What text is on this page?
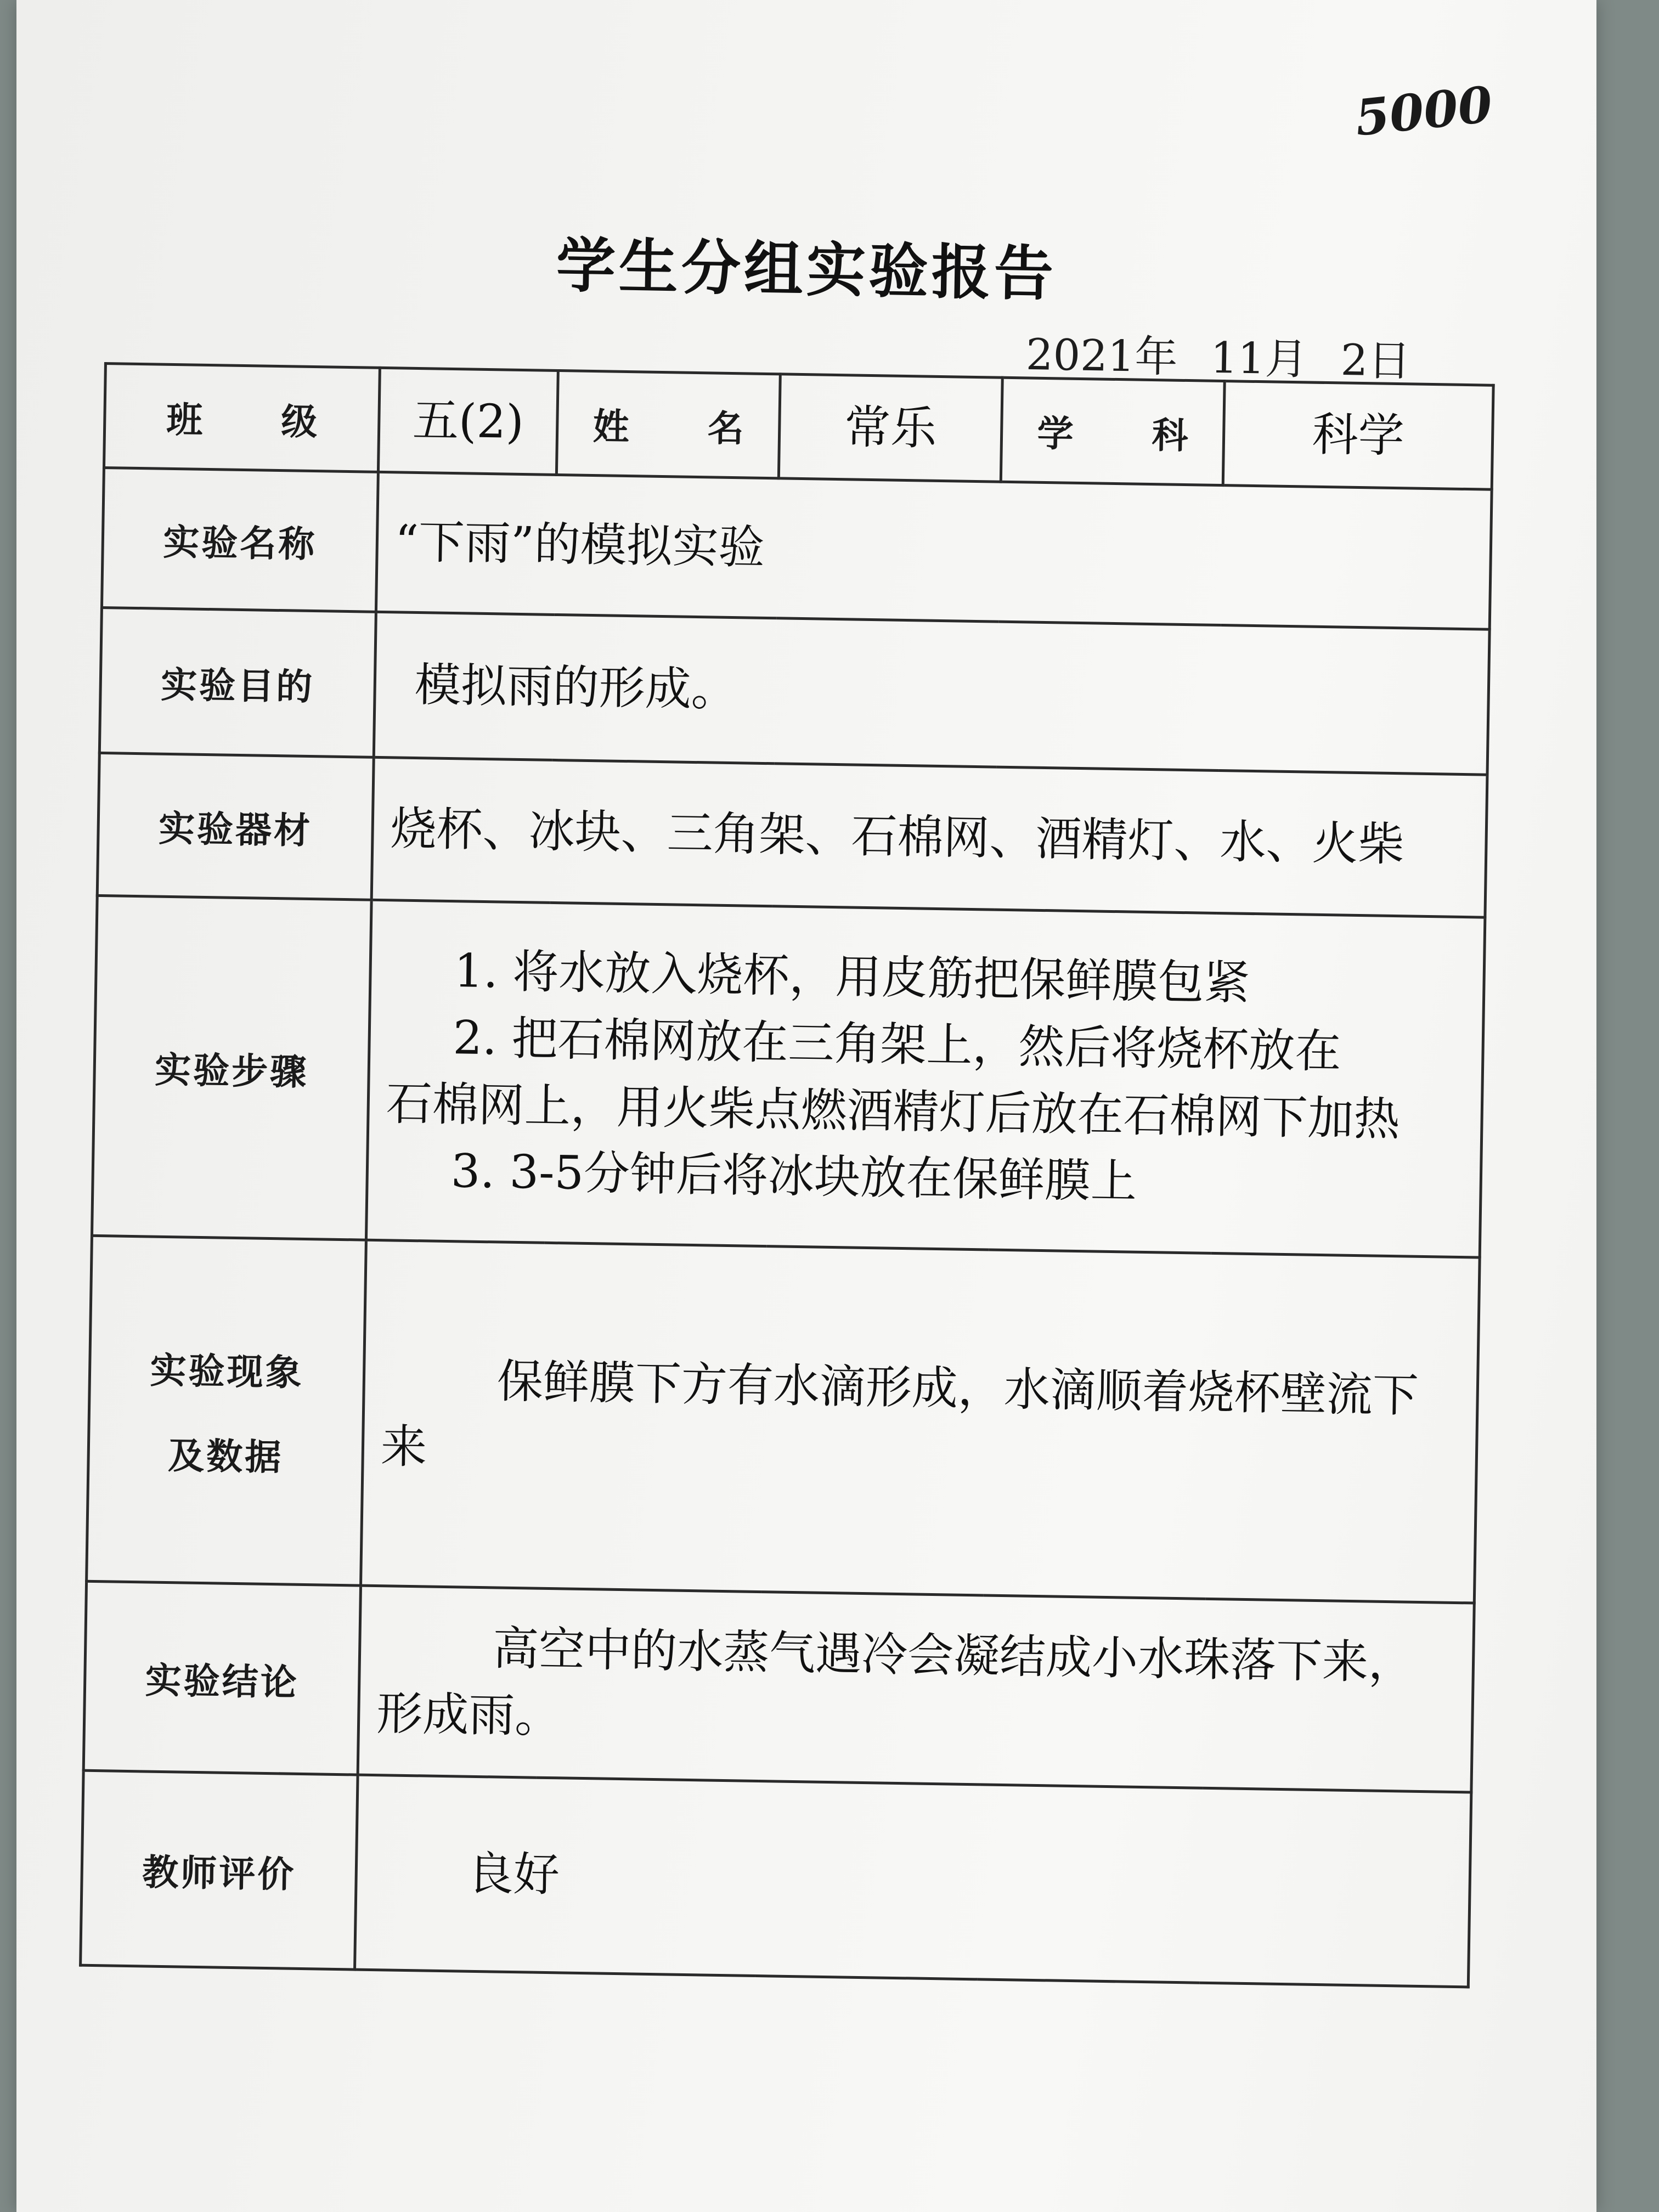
5000
学生分组实验报告
2021年 11月 2日
班 级	五(2)	姓 名	常乐	学 科	科学
实验名称	“下雨”的模拟实验				
实验目的	模拟雨的形成。				
实验器材	烧杯、冰块、三角架、石棉网、酒精灯、水、火柴				
实验步骤	1. 将水放入烧杯，用皮筋把保鲜膜包紧
2. 把石棉网放在三角架上，然后将烧杯放在
石棉网上，用火柴点燃酒精灯后放在石棉网下加热
3. 3-5分钟后将冰块放在保鲜膜上				

实验现象
及数据	保鲜膜下方有水滴形成，水滴顺着烧杯壁流下来				
实验结论	高空中的水蒸气遇冷会凝结成小水珠落下来，形成雨。				
教师评价	良好				
